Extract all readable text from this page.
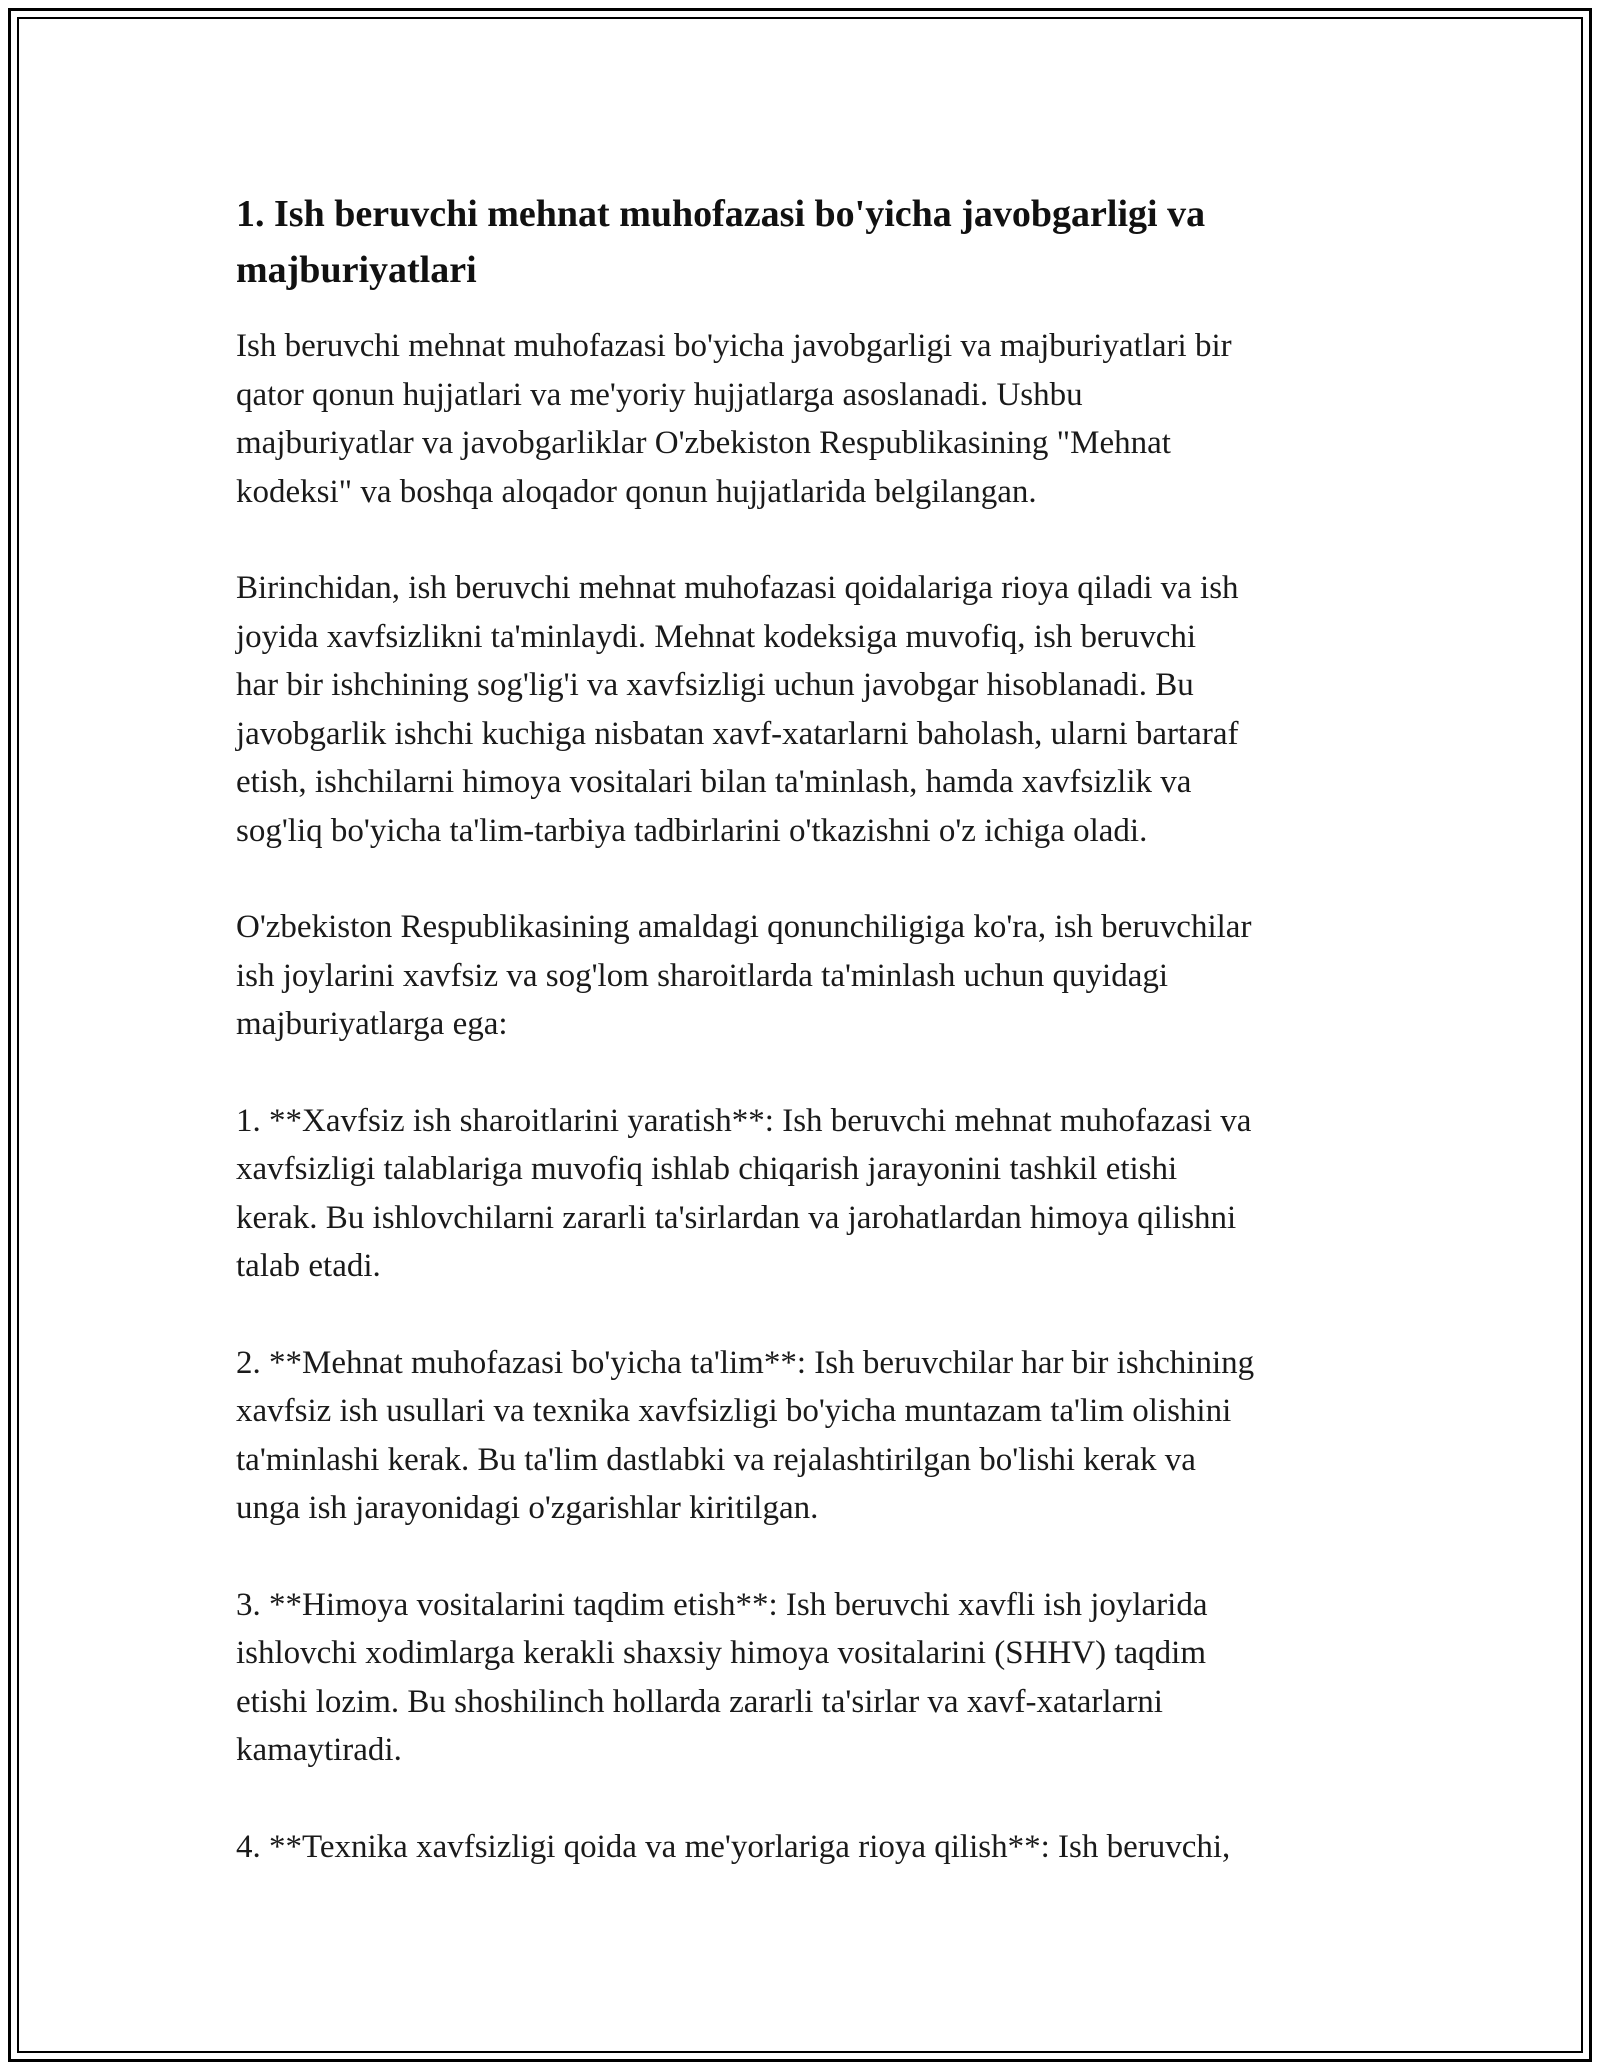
1. Ish beruvchi mehnat muhofazasi bo'yicha javobgarligi va majburiyatlari

Ish beruvchi mehnat muhofazasi bo'yicha javobgarligi va majburiyatlari bir
qator qonun hujjatlari va me'yoriy hujjatlarga asoslanadi. Ushbu
majburiyatlar va javobgarliklar O'zbekiston Respublikasining "Mehnat
kodeksi" va boshqa aloqador qonun hujjatlarida belgilangan.

Birinchidan, ish beruvchi mehnat muhofazasi qoidalariga rioya qiladi va ish
joyida xavfsizlikni ta'minlaydi. Mehnat kodeksiga muvofiq, ish beruvchi
har bir ishchining sog'lig'i va xavfsizligi uchun javobgar hisoblanadi. Bu
javobgarlik ishchi kuchiga nisbatan xavf-xatarlarni baholash, ularni bartaraf
etish, ishchilarni himoya vositalari bilan ta'minlash, hamda xavfsizlik va
sog'liq bo'yicha ta'lim-tarbiya tadbirlarini o'tkazishni o'z ichiga oladi.

O'zbekiston Respublikasining amaldagi qonunchiligiga ko'ra, ish beruvchilar
ish joylarini xavfsiz va sog'lom sharoitlarda ta'minlash uchun quyidagi
majburiyatlarga ega:

1. **Xavfsiz ish sharoitlarini yaratish**: Ish beruvchi mehnat muhofazasi va
xavfsizligi talablariga muvofiq ishlab chiqarish jarayonini tashkil etishi
kerak. Bu ishlovchilarni zararli ta'sirlardan va jarohatlardan himoya qilishni
talab etadi.

2. **Mehnat muhofazasi bo'yicha ta'lim**: Ish beruvchilar har bir ishchining
xavfsiz ish usullari va texnika xavfsizligi bo'yicha muntazam ta'lim olishini
ta'minlashi kerak. Bu ta'lim dastlabki va rejalashtirilgan bo'lishi kerak va
unga ish jarayonidagi o'zgarishlar kiritilgan.

3. **Himoya vositalarini taqdim etish**: Ish beruvchi xavfli ish joylarida
ishlovchi xodimlarga kerakli shaxsiy himoya vositalarini (SHHV) taqdim
etishi lozim. Bu shoshilinch hollarda zararli ta'sirlar va xavf-xatarlarni
kamaytiradi.

4. **Texnika xavfsizligi qoida va me'yorlariga rioya qilish**: Ish beruvchi,
